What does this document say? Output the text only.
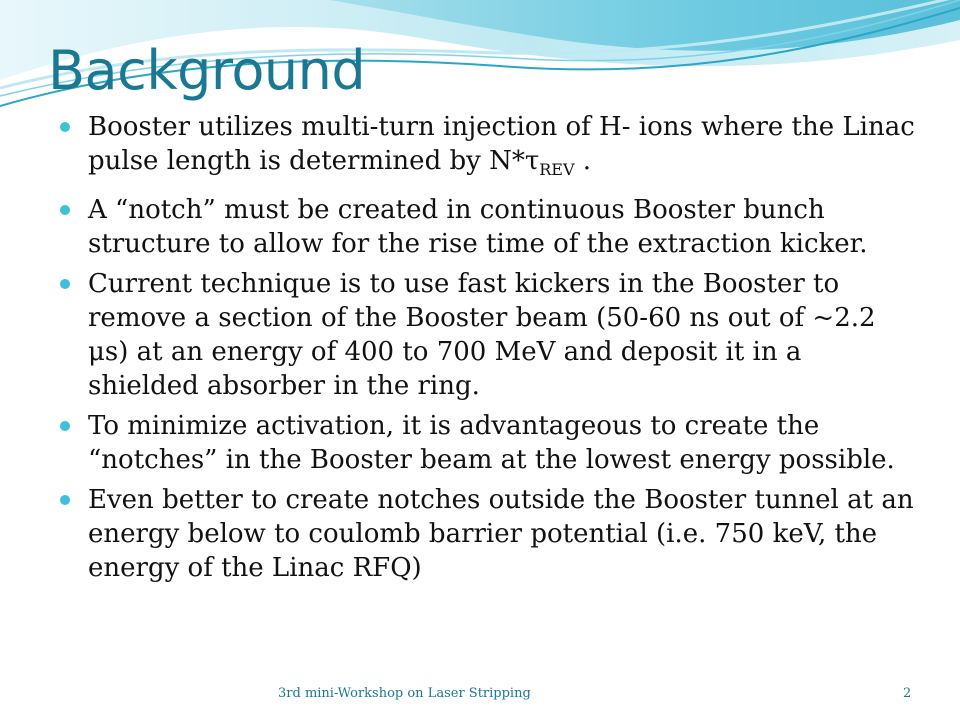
Background
Booster utilizes multi-turn injection of H- ions where the Linac pulse length is determined by $N*\tau_{REV}$ .
A “notch” must be created in continuous Booster bunch structure to allow for the rise time of the extraction kicker.
Current technique is to use fast kickers in the Booster to remove a section of the Booster beam (50-60 ns out of ~2.2 μs) at an energy of 400 to 700 MeV and deposit it in a shielded absorber in the ring.
To minimize activation, it is advantageous to create the “notches” in the Booster beam at the lowest energy possible.
Even better to create notches outside the Booster tunnel at an energy below to coulomb barrier potential (i.e. 750 keV, the energy of the Linac RFQ)
3rd mini-Workshop on Laser Stripping	2
